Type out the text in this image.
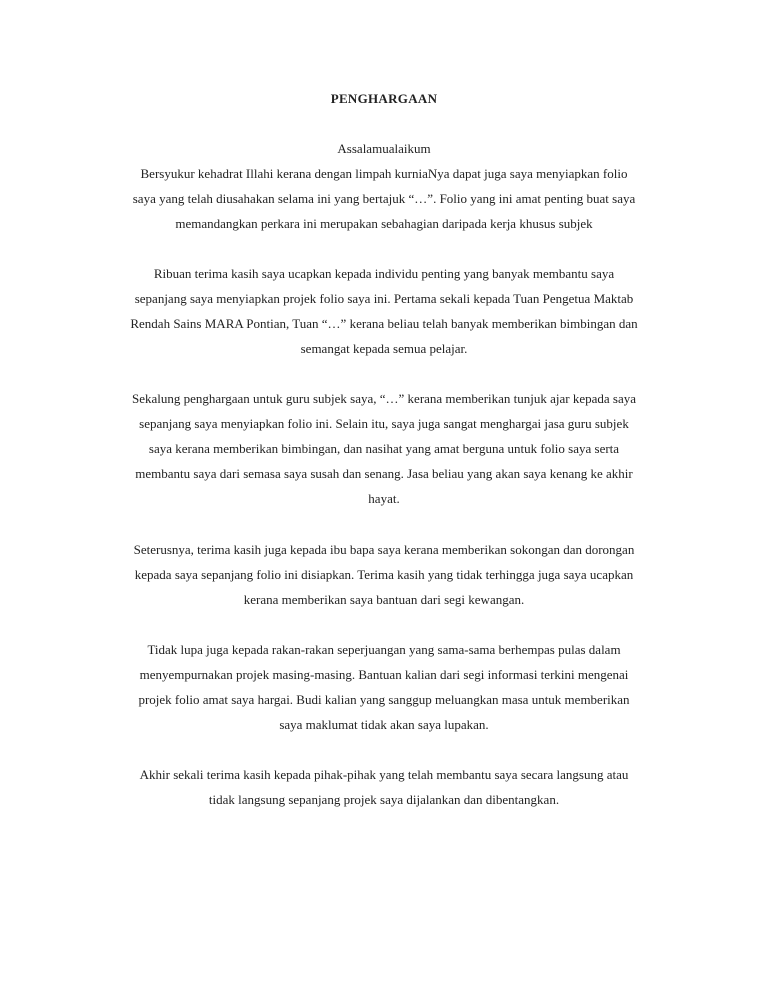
PENGHARGAAN
Assalamualaikum
Bersyukur kehadrat Illahi kerana dengan limpah kurniaNya dapat juga saya menyiapkan folio
saya yang telah diusahakan selama ini yang bertajuk “…”. Folio yang ini amat penting buat saya
memandangkan perkara ini merupakan sebahagian daripada kerja khusus subjek
Ribuan terima kasih saya ucapkan kepada individu penting yang banyak membantu saya
sepanjang saya menyiapkan projek folio saya ini. Pertama sekali kepada Tuan Pengetua Maktab
Rendah Sains MARA Pontian, Tuan “…” kerana beliau telah banyak memberikan bimbingan dan
semangat kepada semua pelajar.
Sekalung penghargaan untuk guru subjek saya, “…” kerana memberikan tunjuk ajar kepada saya
sepanjang saya menyiapkan folio ini. Selain itu, saya juga sangat menghargai jasa guru subjek
saya kerana memberikan bimbingan, dan nasihat yang amat berguna untuk folio saya serta
membantu saya dari semasa saya susah dan senang. Jasa beliau yang akan saya kenang ke akhir
hayat.
Seterusnya, terima kasih juga kepada ibu bapa saya kerana memberikan sokongan dan dorongan
kepada saya sepanjang folio ini disiapkan. Terima kasih yang tidak terhingga juga saya ucapkan
kerana memberikan saya bantuan dari segi kewangan.
Tidak lupa juga kepada rakan-rakan seperjuangan yang sama-sama berhempas pulas dalam
menyempurnakan projek masing-masing. Bantuan kalian dari segi informasi terkini mengenai
projek folio amat saya hargai. Budi kalian yang sanggup meluangkan masa untuk memberikan
saya maklumat tidak akan saya lupakan.
Akhir sekali terima kasih kepada pihak-pihak yang telah membantu saya secara langsung atau
tidak langsung sepanjang projek saya dijalankan dan dibentangkan.
